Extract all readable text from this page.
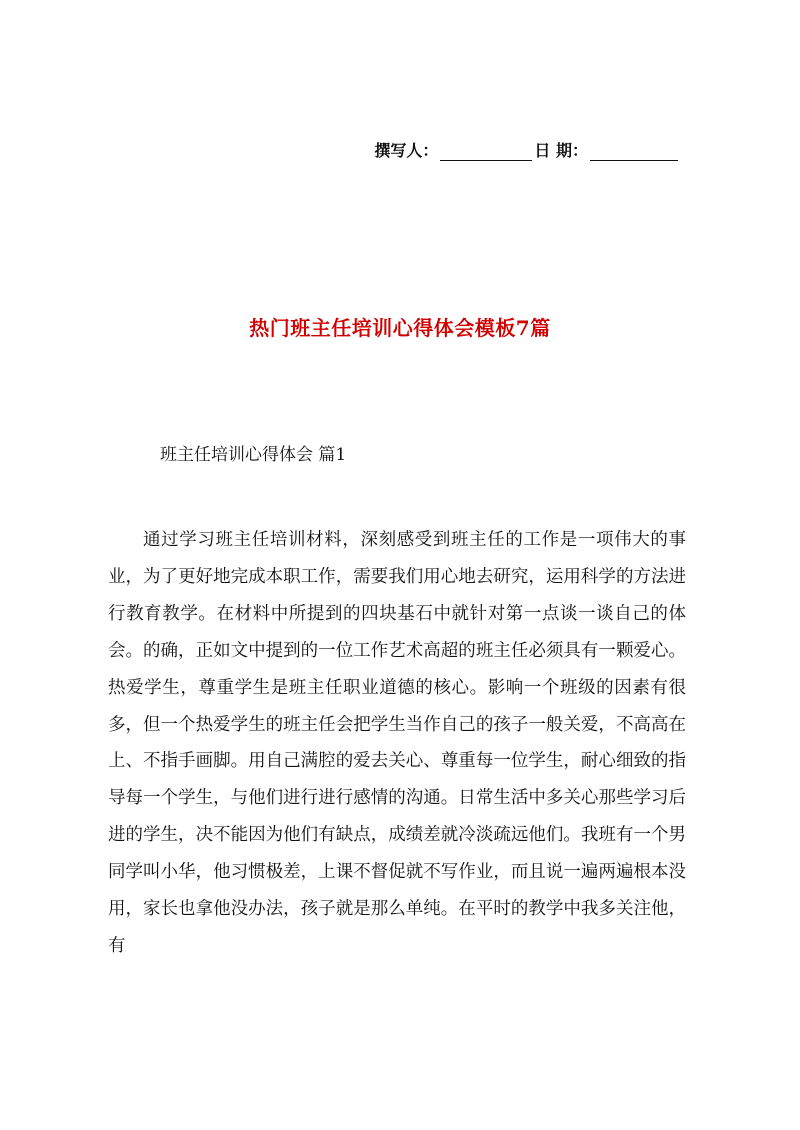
撰写人：	日 期：
热门班主任培训心得体会模板7篇
班主任培训心得体会 篇1
通过学习班主任培训材料，深刻感受到班主任的工作是一项伟大的事业，为了更好地完成本职工作，需要我们用心地去研究，运用科学的方法进行教育教学。在材料中所提到的四块基石中就针对第一点谈一谈自己的体会。的确，正如文中提到的一位工作艺术高超的班主任必须具有一颗爱心。热爱学生，尊重学生是班主任职业道德的核心。影响一个班级的因素有很多，但一个热爱学生的班主任会把学生当作自己的孩子一般关爱，不高高在上、不指手画脚。用自己满腔的爱去关心、尊重每一位学生，耐心细致的指导每一个学生，与他们进行进行感情的沟通。日常生活中多关心那些学习后进的学生，决不能因为他们有缺点，成绩差就冷淡疏远他们。我班有一个男同学叫小华，他习惯极差，上课不督促就不写作业，而且说一遍两遍根本没用，家长也拿他没办法，孩子就是那么单纯。在平时的教学中我多关注他，有
